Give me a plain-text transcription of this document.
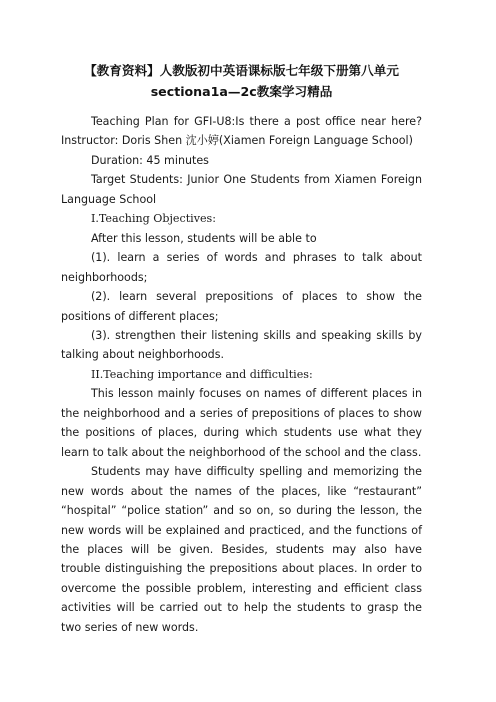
【教育资料】人教版初中英语课标版七年级下册第八单元
sectiona1a—2c教案学习精品

Teaching Plan for GFI-U8:Is there a post office near here? Instructor: Doris Shen 沈小婷(Xiamen Foreign Language School)

Duration: 45 minutes

Target Students: Junior One Students from Xiamen Foreign Language School

I.Teaching Objectives:

After this lesson, students will be able to

(1). learn a series of words and phrases to talk about neighborhoods;

(2). learn several prepositions of places to show the positions of different places;

(3). strengthen their listening skills and speaking skills by talking about neighborhoods.

II.Teaching importance and difficulties:

This lesson mainly focuses on names of different places in the neighborhood and a series of prepositions of places to show the positions of places, during which students use what they learn to talk about the neighborhood of the school and the class.

Students may have difficulty spelling and memorizing the new words about the names of the places, like “restaurant” “hospital” “police station” and so on, so during the lesson, the new words will be explained and practiced, and the functions of the places will be given. Besides, students may also have trouble distinguishing the prepositions about places. In order to overcome the possible problem, interesting and efficient class activities will be carried out to help the students to grasp the two series of new words.
